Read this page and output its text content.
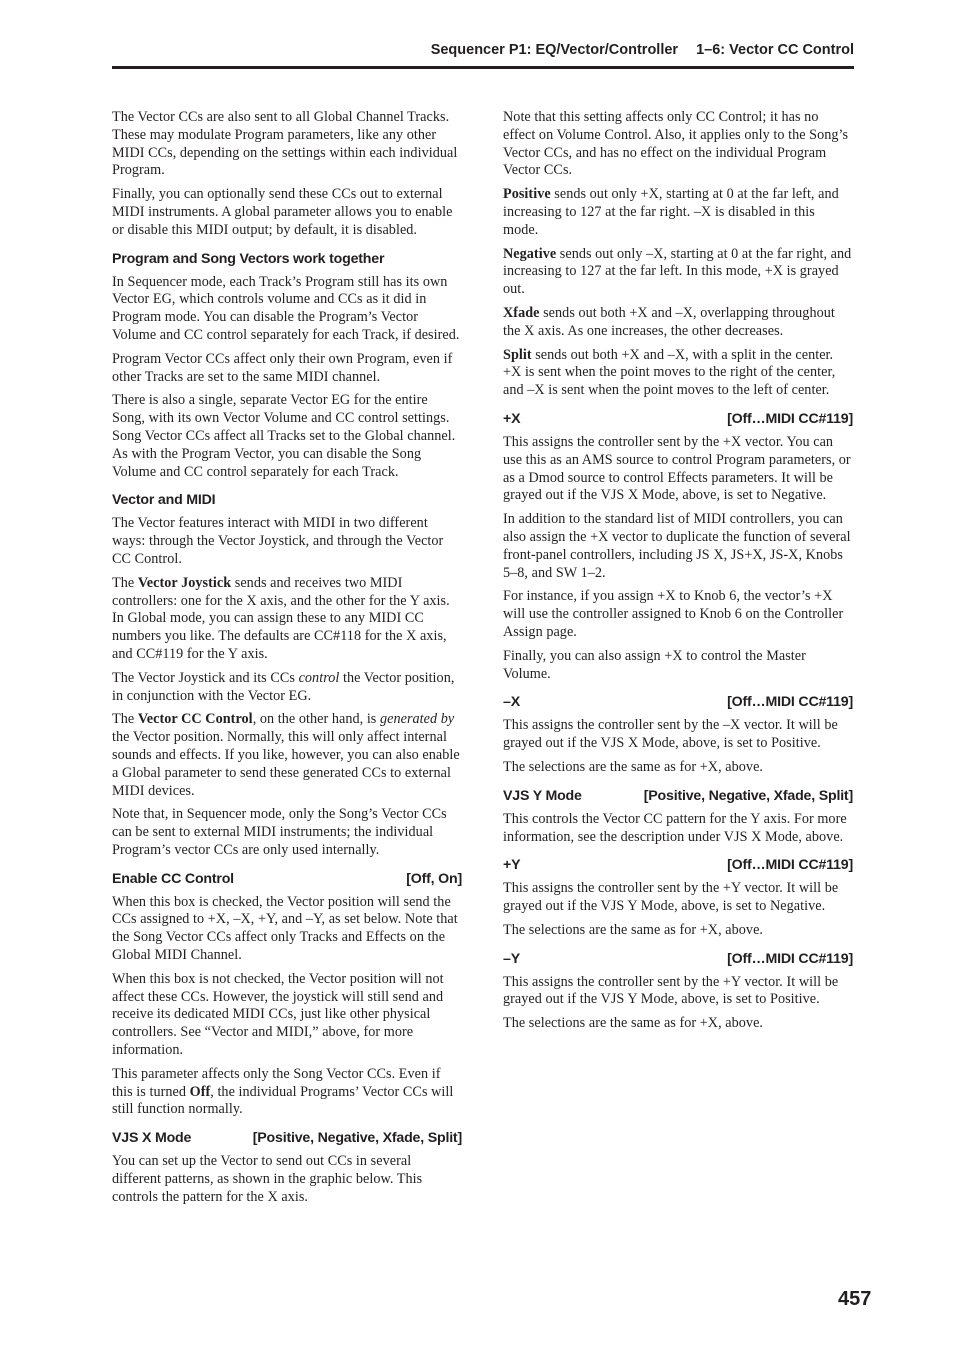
Sequencer P1: EQ/Vector/Controller 1–6: Vector CC Control

The Vector CCs are also sent to all Global Channel Tracks. These may modulate Program parameters, like any other MIDI CCs, depending on the settings within each individual Program.

Finally, you can optionally send these CCs out to external MIDI instruments. A global parameter allows you to enable or disable this MIDI output; by default, it is disabled.

Program and Song Vectors work together

In Sequencer mode, each Track’s Program still has its own Vector EG, which controls volume and CCs as it did in Program mode. You can disable the Program’s Vector Volume and CC control separately for each Track, if desired.

Program Vector CCs affect only their own Program, even if other Tracks are set to the same MIDI channel.

There is also a single, separate Vector EG for the entire Song, with its own Vector Volume and CC control settings. Song Vector CCs affect all Tracks set to the Global channel. As with the Program Vector, you can disable the Song Volume and CC control separately for each Track.

Vector and MIDI

The Vector features interact with MIDI in two different ways: through the Vector Joystick, and through the Vector CC Control.

The Vector Joystick sends and receives two MIDI controllers: one for the X axis, and the other for the Y axis. In Global mode, you can assign these to any MIDI CC numbers you like. The defaults are CC#118 for the X axis, and CC#119 for the Y axis.

The Vector Joystick and its CCs control the Vector position, in conjunction with the Vector EG.

The Vector CC Control, on the other hand, is generated by the Vector position. Normally, this will only affect internal sounds and effects. If you like, however, you can also enable a Global parameter to send these generated CCs to external MIDI devices.

Note that, in Sequencer mode, only the Song’s Vector CCs can be sent to external MIDI instruments; the individual Program’s vector CCs are only used internally.

Enable CC Control	[Off, On]

When this box is checked, the Vector position will send the CCs assigned to +X, –X, +Y, and –Y, as set below. Note that the Song Vector CCs affect only Tracks and Effects on the Global MIDI Channel.

When this box is not checked, the Vector position will not affect these CCs. However, the joystick will still send and receive its dedicated MIDI CCs, just like other physical controllers. See “Vector and MIDI,” above, for more information.

This parameter affects only the Song Vector CCs. Even if this is turned Off, the individual Programs’ Vector CCs will still function normally.

VJS X Mode	[Positive, Negative, Xfade, Split]

You can set up the Vector to send out CCs in several different patterns, as shown in the graphic below. This controls the pattern for the X axis.

Note that this setting affects only CC Control; it has no effect on Volume Control. Also, it applies only to the Song’s Vector CCs, and has no effect on the individual Program Vector CCs.

Positive sends out only +X, starting at 0 at the far left, and increasing to 127 at the far right. –X is disabled in this mode.

Negative sends out only –X, starting at 0 at the far right, and increasing to 127 at the far left. In this mode, +X is grayed out.

Xfade sends out both +X and –X, overlapping throughout the X axis. As one increases, the other decreases.

Split sends out both +X and –X, with a split in the center. +X is sent when the point moves to the right of the center, and –X is sent when the point moves to the left of center.

+X	[Off…MIDI CC#119]

This assigns the controller sent by the +X vector. You can use this as an AMS source to control Program parameters, or as a Dmod source to control Effects parameters. It will be grayed out if the VJS X Mode, above, is set to Negative.

In addition to the standard list of MIDI controllers, you can also assign the +X vector to duplicate the function of several front-panel controllers, including JS X, JS+X, JS-X, Knobs 5–8, and SW 1–2.

For instance, if you assign +X to Knob 6, the vector’s +X will use the controller assigned to Knob 6 on the Controller Assign page.

Finally, you can also assign +X to control the Master Volume.

–X	[Off…MIDI CC#119]

This assigns the controller sent by the –X vector. It will be grayed out if the VJS X Mode, above, is set to Positive.

The selections are the same as for +X, above.

VJS Y Mode	[Positive, Negative, Xfade, Split]

This controls the Vector CC pattern for the Y axis. For more information, see the description under VJS X Mode, above.

+Y	[Off…MIDI CC#119]

This assigns the controller sent by the +Y vector. It will be grayed out if the VJS Y Mode, above, is set to Negative.

The selections are the same as for +X, above.

–Y	[Off…MIDI CC#119]

This assigns the controller sent by the +Y vector. It will be grayed out if the VJS Y Mode, above, is set to Positive.

The selections are the same as for +X, above.

457
